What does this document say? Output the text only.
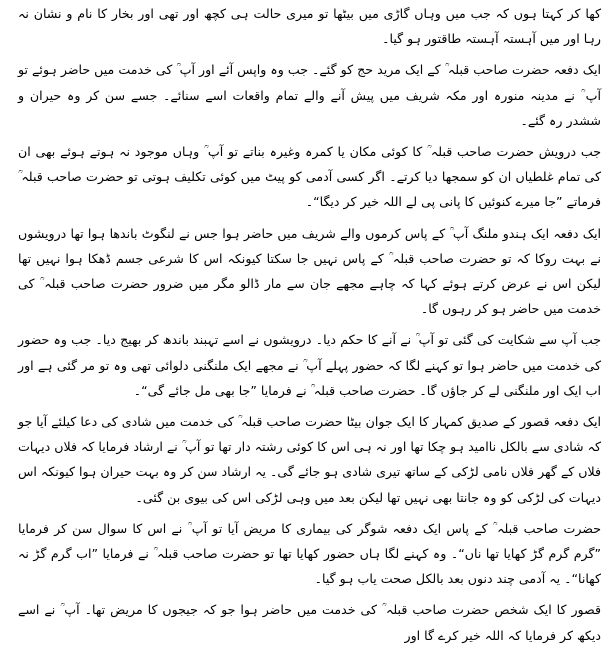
کھا کر کہتا ہوں کہ جب میں وہاں گاڑی میں بیٹھا تو میری حالت ہی کچھ اور تھی اور بخار کا نام و نشان نہ رہا اور میں آہستہ آہستہ طاقتور ہو گیا۔

ایک دفعہ حضرت صاحب قبلہ ؒ کے ایک مرید حج کو گئے۔ جب وہ واپس آئے اور آپ ؒ کی خدمت میں حاضر ہوئے تو آپ ؒ نے مدینہ منورہ اور مکہ شریف میں پیش آنے والے تمام واقعات اسے سنائے۔ جسے سن کر وہ حیران و ششدر رہ گئے۔

جب درویش حضرت صاحب قبلہ ؒ کا کوئی مکان یا کمرہ وغیرہ بناتے تو آپ ؒ وہاں موجود نہ ہوتے ہوئے بھی ان کی تمام غلطیاں ان کو سمجھا دیا کرتے۔ اگر کسی آدمی کو پیٹ میں کوئی تکلیف ہوتی تو حضرت صاحب قبلہ ؒ فرماتے ”جا میرے کنوئیں کا پانی پی لے اللہ خیر کر دیگا“۔

ایک دفعہ ایک ہندو ملنگ آپ ؒ کے پاس کرموں والے شریف میں حاضر ہوا جس نے لنگوٹ باندھا ہوا تھا درویشوں نے بہت روکا کہ تو حضرت صاحب قبلہ ؒ کے پاس نہیں جا سکتا کیونکہ اس کا شرعی جسم ڈھکا ہوا نہیں تھا لیکن اس نے عرض کرتے ہوئے کہا کہ چاہے مجھے جان سے مار ڈالو مگر میں ضرور حضرت صاحب قبلہ ؒ کی خدمت میں حاضر ہو کر رہوں گا۔

جب آپ سے شکایت کی گئی تو آپ ؒ نے آنے کا حکم دیا۔ درویشوں نے اسے تہبند باندھ کر بھیج دیا۔ جب وہ حضور کی خدمت میں حاضر ہوا تو کہنے لگا کہ حضور پہلے آپ ؒ نے مجھے ایک ملنگنی دلوائی تھی وہ تو مر گئی ہے اور اب ایک اور ملنگنی لے کر جاؤں گا۔ حضرت صاحب قبلہ ؒ نے فرمایا ”جا بھی مل جائے گی“۔

ایک دفعہ قصور کے صدیق کمہار کا ایک جوان بیٹا حضرت صاحب قبلہ ؒ کی خدمت میں شادی کی دعا کیلئے آیا جو کہ شادی سے بالکل ناامید ہو چکا تھا اور نہ ہی اس کا کوئی رشتہ دار تھا تو آپ ؒ نے ارشاد فرمایا کہ فلاں دیہات فلاں کے گھر فلاں نامی لڑکی کے ساتھ تیری شادی ہو جائے گی۔ یہ ارشاد سن کر وہ بہت حیران ہوا کیونکہ اس دیہات کی لڑکی کو وہ جانتا بھی نہیں تھا لیکن بعد میں وہی لڑکی اس کی بیوی بن گئی۔

حضرت صاحب قبلہ ؒ کے پاس ایک دفعہ شوگر کی بیماری کا مریض آیا تو آپ ؒ نے اس کا سوال سن کر فرمایا ”گرم گرم گڑ کھایا تھا ناں“۔ وہ کہنے لگا ہاں حضور کھایا تھا تو حضرت صاحب قبلہ ؒ نے فرمایا ”اب گرم گڑ نہ کھانا“۔ یہ آدمی چند دنوں بعد بالکل صحت یاب ہو گیا۔

قصور کا ایک شخص حضرت صاحب قبلہ ؒ کی خدمت میں حاضر ہوا جو کہ جیجوں کا مریض تھا۔ آپ ؒ نے اسے دیکھ کر فرمایا کہ اللہ خیر کرے گا اور
